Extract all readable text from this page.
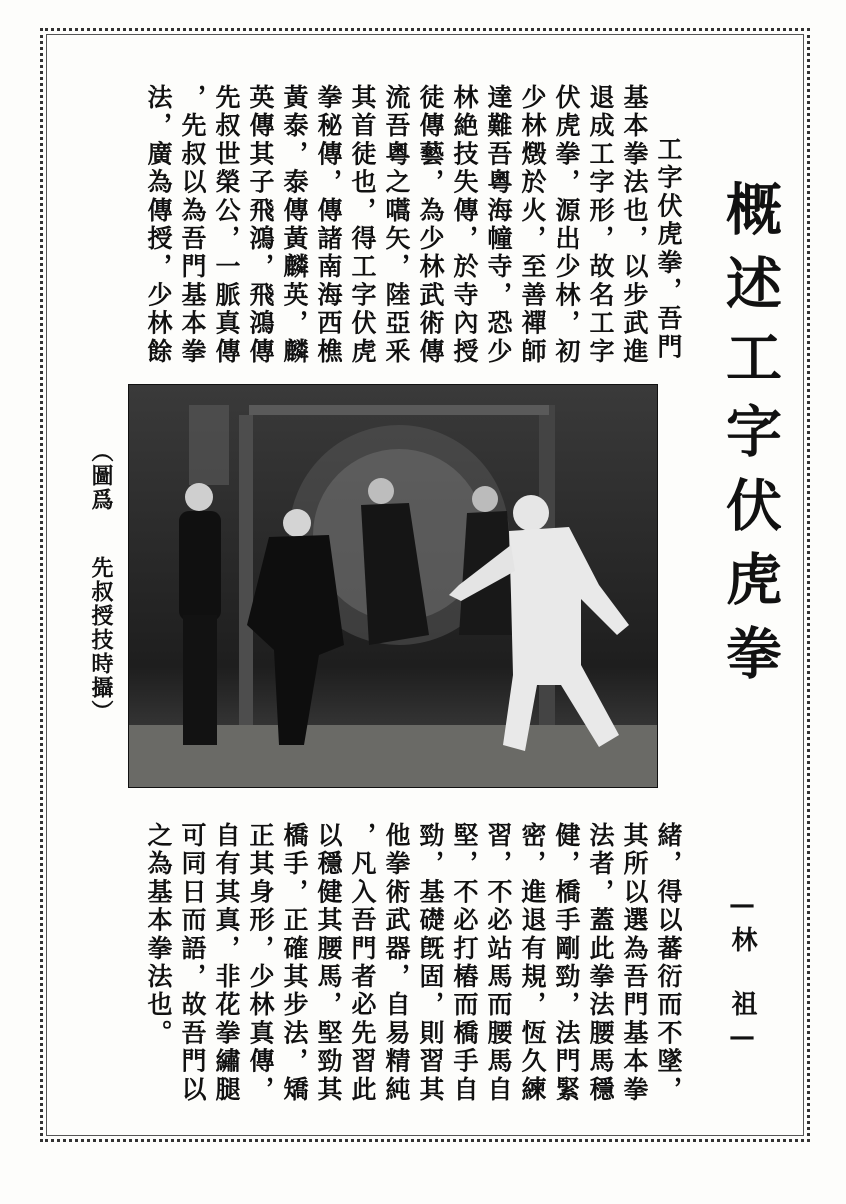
概述工字伏虎拳
工字伏虎拳，吾門
基本拳法也，以步武進
退成工字形，故名工字
伏虎拳，源出少林，初
少林燬於火，至善禪師
達難吾粵海幢寺，恐少
林絶技失傳，於寺內授
徒傳藝，為少林武術傳
流吾粵之嚆矢，陸亞釆
其首徒也，得工字伏虎
拳秘傳，傳諸南海西樵
黃泰，泰傳黃麟英，麟
英傳其子飛鴻，飛鴻傳
先叔世榮公，一脈真傳
，先叔以為吾門基本拳
法，廣為傳授，少林餘
（圖爲
先叔授技時攝）
—林　祖—
緒，得以蕃衍而不墜，
其所以選為吾門基本拳
法者，蓋此拳法腰馬穩
健，橋手剛勁，法門緊
密，進退有規，恆久練
習，不必站馬而腰馬自
堅，不必打樁而橋手自
勁，基礎旣固，則習其
他拳術武器，自易精純
，凡入吾門者必先習此
以穩健其腰馬，堅勁其
橋手，正確其步法，矯
正其身形，少林真傳，
自有其真，非花拳繡腿
可同日而語，故吾門以
之為基本拳法也。
